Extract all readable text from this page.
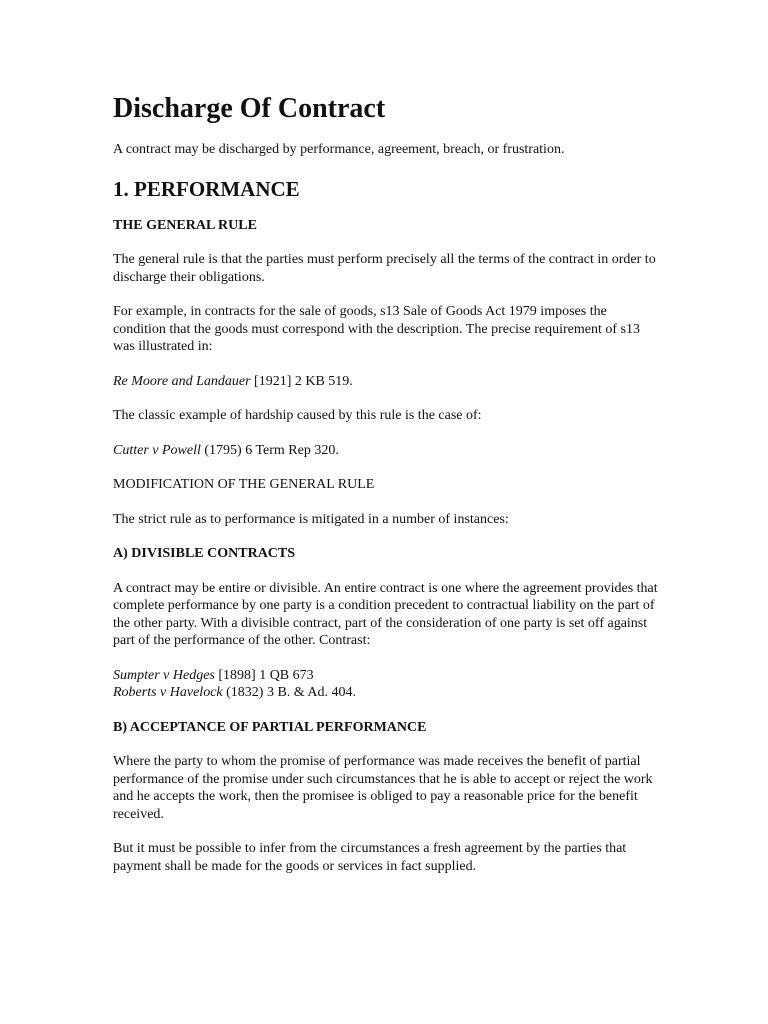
Discharge Of Contract

A contract may be discharged by performance, agreement, breach, or frustration.

1. PERFORMANCE
THE GENERAL RULE

The general rule is that the parties must perform precisely all the terms of the contract in order to discharge their obligations.

For example, in contracts for the sale of goods, s13 Sale of Goods Act 1979 imposes the condition that the goods must correspond with the description. The precise requirement of s13 was illustrated in:

Re Moore and Landauer [1921] 2 KB 519.

The classic example of hardship caused by this rule is the case of:

Cutter v Powell (1795) 6 Term Rep 320.

MODIFICATION OF THE GENERAL RULE

The strict rule as to performance is mitigated in a number of instances:

A) DIVISIBLE CONTRACTS

A contract may be entire or divisible. An entire contract is one where the agreement provides that complete performance by one party is a condition precedent to contractual liability on the part of the other party. With a divisible contract, part of the consideration of one party is set off against part of the performance of the other. Contrast:

Sumpter v Hedges [1898] 1 QB 673
Roberts v Havelock (1832) 3 B. & Ad. 404.

B) ACCEPTANCE OF PARTIAL PERFORMANCE

Where the party to whom the promise of performance was made receives the benefit of partial performance of the promise under such circumstances that he is able to accept or reject the work and he accepts the work, then the promisee is obliged to pay a reasonable price for the benefit received.

But it must be possible to infer from the circumstances a fresh agreement by the parties that payment shall be made for the goods or services in fact supplied.
